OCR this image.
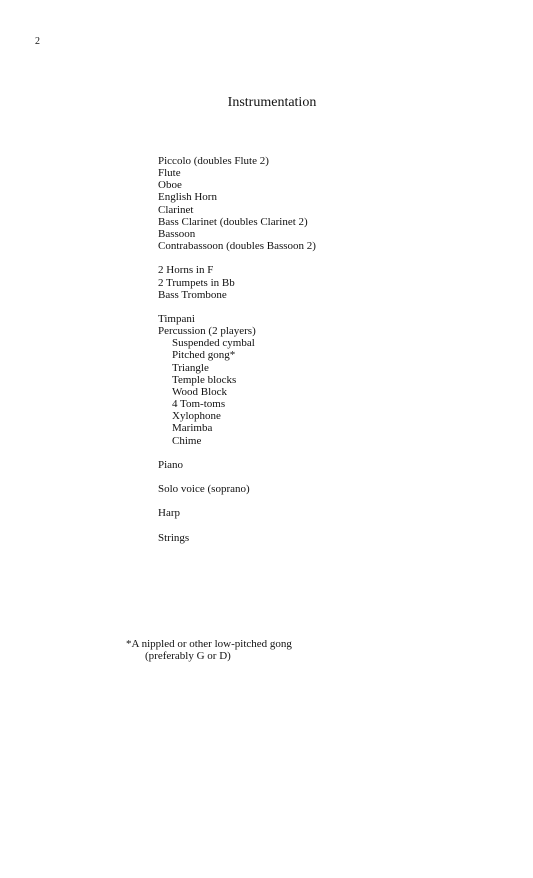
2
Instrumentation
Piccolo (doubles Flute 2)
Flute
Oboe
English Horn
Clarinet
Bass Clarinet (doubles Clarinet 2)
Bassoon
Contrabassoon (doubles Bassoon 2)
2 Horns in F
2 Trumpets in Bb
Bass Trombone
Timpani
Percussion (2 players)
Suspended cymbal
Pitched gong*
Triangle
Temple blocks
Wood Block
4 Tom-toms
Xylophone
Marimba
Chime
Piano
Solo voice (soprano)
Harp
Strings
*A nippled or other low-pitched gong
(preferably G or D)
